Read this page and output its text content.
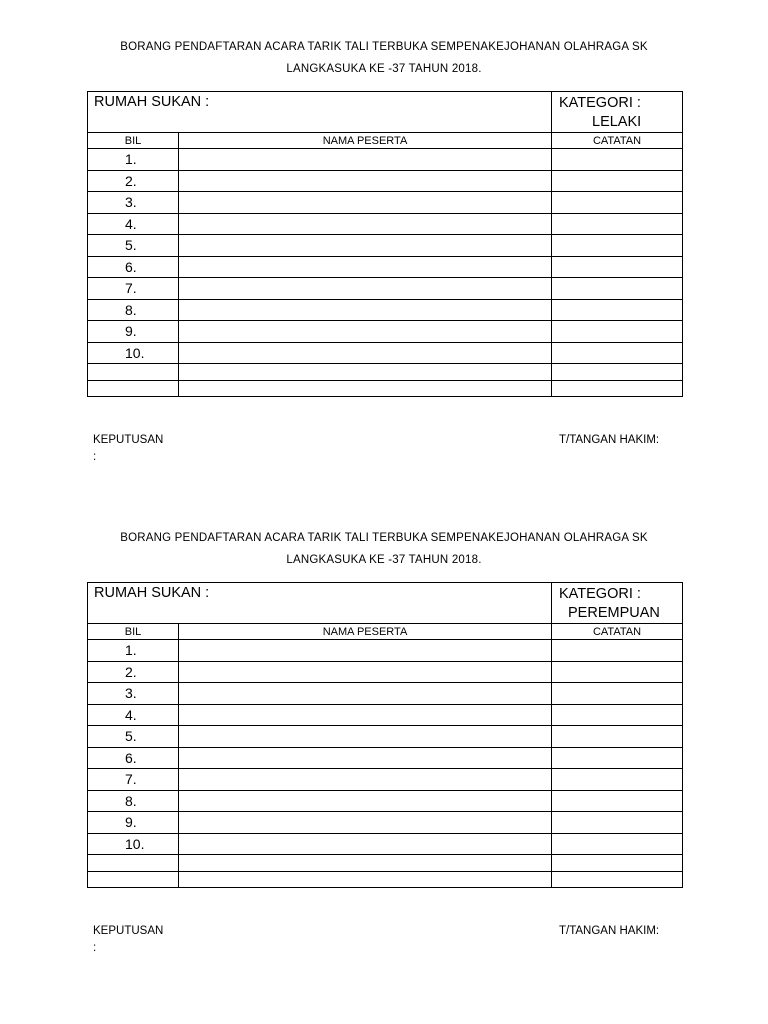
BORANG PENDAFTARAN ACARA TARIK TALI TERBUKA SEMPENAKEJOHANAN OLAHRAGA SK
LANGKASUKA KE -37 TAHUN 2018.
RUMAH SUKAN :		KATEGORI :
LELAKI

BIL	NAMA PESERTA	CATATAN
1.		
2.		
3.		
4.		
5.		
6.		
7.		
8.		
9.		
10.		

KEPUTUSAN
:
T/TANGAN HAKIM:
BORANG PENDAFTARAN ACARA TARIK TALI TERBUKA SEMPENAKEJOHANAN OLAHRAGA SK
LANGKASUKA KE -37 TAHUN 2018.
RUMAH SUKAN :		KATEGORI :
PEREMPUAN

BIL	NAMA PESERTA	CATATAN
1.		
2.		
3.		
4.		
5.		
6.		
7.		
8.		
9.		
10.		

KEPUTUSAN
:
T/TANGAN HAKIM:
